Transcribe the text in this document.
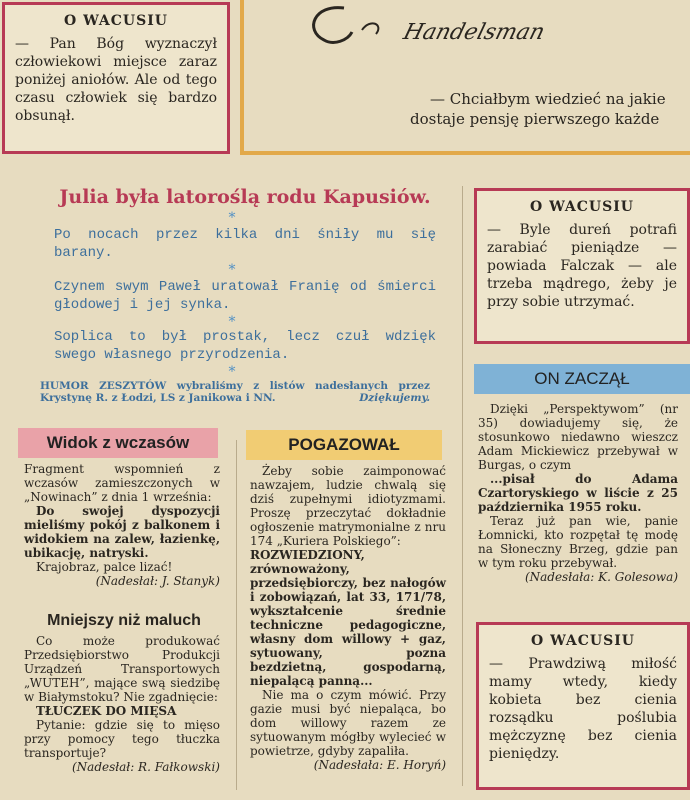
O WACUSIU

— Pan Bóg wyznaczył człowiekowi miejsce zaraz poniżej aniołów. Ale od tego czasu człowiek się bardzo obsunął.

Handelsman
— Chciałbym wiedzieć na jakie
dostaje pensję pierwszego każde
Julia była latoroślą rodu Kapusiów.
*
Po nocach przez kilka dni śniły mu się barany.
*
Czynem swym Paweł uratował Franię od śmierci głodowej i jej synka.
*
Soplica to był prostak, lecz czuł wdzięk swego własnego przyrodzenia.
*
HUMOR ZESZYTÓW wybraliśmy z listów nadesłanych przez Krystynę R. z Łodzi, LS z Janikowa i NN.	Dziękujemy.
O WACUSIU

— Byle dureń potrafi zarabiać pieniądze — powiada Falczak — ale trzeba mądrego, żeby je przy sobie utrzymać.

Widok z wczasów

Fragment wspomnień z wczasów zamieszczonych w „Nowinach” z dnia 1 września:

Do swojej dyspozycji mieliśmy pokój z balkonem i widokiem na zalew, łazienkę, ubikację, natryski.

Krajobraz, palce lizać!

(Nadesłał: J. Stanyk)

Mniejszy niż maluch

Co może produkować Przedsiębiorstwo Produkcji Urządzeń Transportowych „WUTEH”, mające swą siedzibę w Białymstoku? Nie zgadnięcie:

TŁUCZEK DO MIĘSA

Pytanie: gdzie się to mięso przy pomocy tego tłuczka transportuje?

(Nadesłał: R. Fałkowski)

POGAZOWAŁ

Żeby sobie zaimponować nawzajem, ludzie chwalą się dziś zupełnymi idiotyzmami. Proszę przeczytać dokładnie ogłoszenie matrymonialne z nru 174 „Kuriera Polskiego”:

ROZWIEDZIONY, zrównoważony, przedsiębiorczy, bez nałogów i zobowiązań, lat 33, 171/78, wykształcenie średnie techniczne pedagogiczne, własny dom willowy + gaz, sytuowany, pozna bezdzietną, gospodarną, niepalącą panną...

Nie ma o czym mówić. Przy gazie musi być niepaląca, bo dom willowy razem ze sytuowanym mógłby wylecieć w powietrze, gdyby zapaliła.

(Nadesłała: E. Horyń)

ON ZACZĄŁ

Dzięki „Perspektywom” (nr 35) dowiadujemy się, że stosunkowo niedawno wieszcz Adam Mickiewicz przebywał w Burgas, o czym

...pisał do Adama Czartoryskiego w liście z 25 października 1955 roku.

Teraz już pan wie, panie Łomnicki, kto rozpętał tę modę na Słoneczny Brzeg, gdzie pan w tym roku przebywał.

(Nadesłała: K. Golesowa)

O WACUSIU

— Prawdziwą miłość mamy wtedy, kiedy kobieta bez cienia rozsądku poślubia mężczyznę bez cienia pieniędzy.
